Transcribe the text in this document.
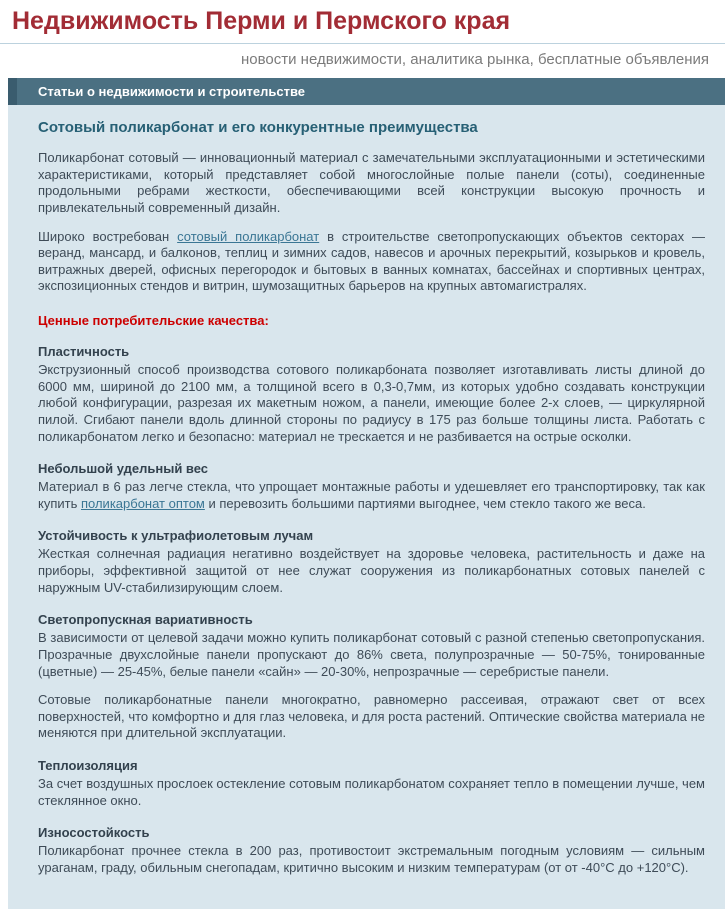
Недвижимость Перми и Пермского края
новости недвижимости, аналитика рынка, бесплатные объявления
Статьи о недвижимости и строительстве
Сотовый поликарбонат и его конкурентные преимущества

Поликарбонат сотовый — инновационный материал с замечательными эксплуатационными и эстетическими характеристиками, который представляет собой многослойные полые панели (соты), соединенные продольными ребрами жесткости, обеспечивающими всей конструкции высокую прочность и привлекательный современный дизайн.

Широко востребован сотовый поликарбонат в строительстве светопропускающих объектов секторах — веранд, мансард, и балконов, теплиц и зимних садов, навесов и арочных перекрытий, козырьков и кровель, витражных дверей, офисных перегородок и бытовых в ванных комнатах, бассейнах и спортивных центрах, экспозиционных стендов и витрин, шумозащитных барьеров на крупных автомагистралях.

Ценные потребительские качества:
Пластичность

Экструзионный способ производства сотового поликарбоната позволяет изготавливать листы длиной до 6000 мм, шириной до 2100 мм, а толщиной всего в 0,3-0,7мм, из которых удобно создавать конструкции любой конфигурации, разрезая их макетным ножом, а панели, имеющие более 2-х слоев, — циркулярной пилой. Сгибают панели вдоль длинной стороны по радиусу в 175 раз больше толщины листа. Работать с поликарбонатом легко и безопасно: материал не трескается и не разбивается на острые осколки.

Небольшой удельный вес

Материал в 6 раз легче стекла, что упрощает монтажные работы и удешевляет его транспортировку, так как купить поликарбонат оптом и перевозить большими партиями выгоднее, чем стекло такого же веса.

Устойчивость к ультрафиолетовым лучам

Жесткая солнечная радиация негативно воздействует на здоровье человека, растительность и даже на приборы, эффективной защитой от нее служат сооружения из поликарбонатных сотовых панелей с наружным UV-стабилизирующим слоем.

Светопропускная вариативность

В зависимости от целевой задачи можно купить поликарбонат сотовый с разной степенью светопропускания. Прозрачные двухслойные панели пропускают до 86% света, полупрозрачные — 50-75%, тонированные (цветные) — 25-45%, белые панели «сайн» — 20-30%, непрозрачные — серебристые панели.

Сотовые поликарбонатные панели многократно, равномерно рассеивая, отражают свет от всех поверхностей, что комфортно и для глаз человека, и для роста растений. Оптические свойства материала не меняются при длительной эксплуатации.

Теплоизоляция

За счет воздушных прослоек остекление сотовым поликарбонатом сохраняет тепло в помещении лучше, чем стеклянное окно.

Износостойкость

Поликарбонат прочнее стекла в 200 раз, противостоит экстремальным погодным условиям — сильным ураганам, граду, обильным снегопадам, критично высоким и низким температурам (от от -40°C до +120°C).
